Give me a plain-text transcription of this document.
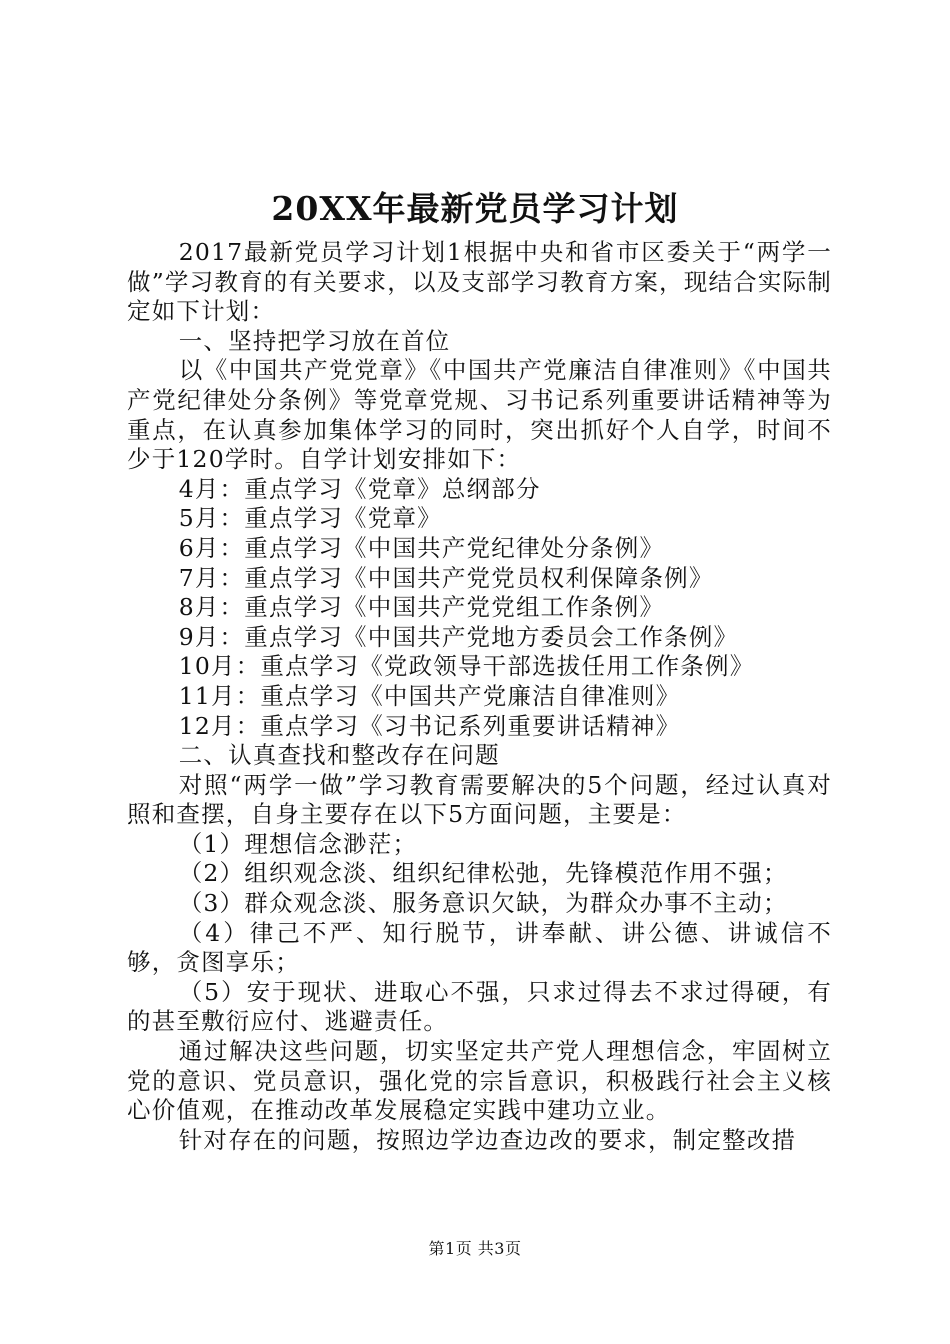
20XX年最新党员学习计划

2017最新党员学习计划1根据中央和省市区委关于“两学一做”学习教育的有关要求，以及支部学习教育方案，现结合实际制定如下计划：

一、坚持把学习放在首位

以《中国共产党党章》《中国共产党廉洁自律准则》《中国共产党纪律处分条例》等党章党规、习书记系列重要讲话精神等为重点，在认真参加集体学习的同时，突出抓好个人自学，时间不少于120学时。自学计划安排如下：

4月：重点学习《党章》总纲部分

5月：重点学习《党章》

6月：重点学习《中国共产党纪律处分条例》

7月：重点学习《中国共产党党员权利保障条例》

8月：重点学习《中国共产党党组工作条例》

9月：重点学习《中国共产党地方委员会工作条例》

10月：重点学习《党政领导干部选拔任用工作条例》

11月：重点学习《中国共产党廉洁自律准则》

12月：重点学习《习书记系列重要讲话精神》

二、认真查找和整改存在问题

对照“两学一做”学习教育需要解决的5个问题，经过认真对照和查摆，自身主要存在以下5方面问题，主要是：

（1）理想信念渺茫；

（2）组织观念淡、组织纪律松弛，先锋模范作用不强；

（3）群众观念淡、服务意识欠缺，为群众办事不主动；

（4）律己不严、知行脱节，讲奉献、讲公德、讲诚信不够，贪图享乐；

（5）安于现状、进取心不强，只求过得去不求过得硬，有的甚至敷衍应付、逃避责任。

通过解决这些问题，切实坚定共产党人理想信念，牢固树立党的意识、党员意识，强化党的宗旨意识，积极践行社会主义核心价值观，在推动改革发展稳定实践中建功立业。

针对存在的问题，按照边学边查边改的要求，制定整改措

第1页 共3页
